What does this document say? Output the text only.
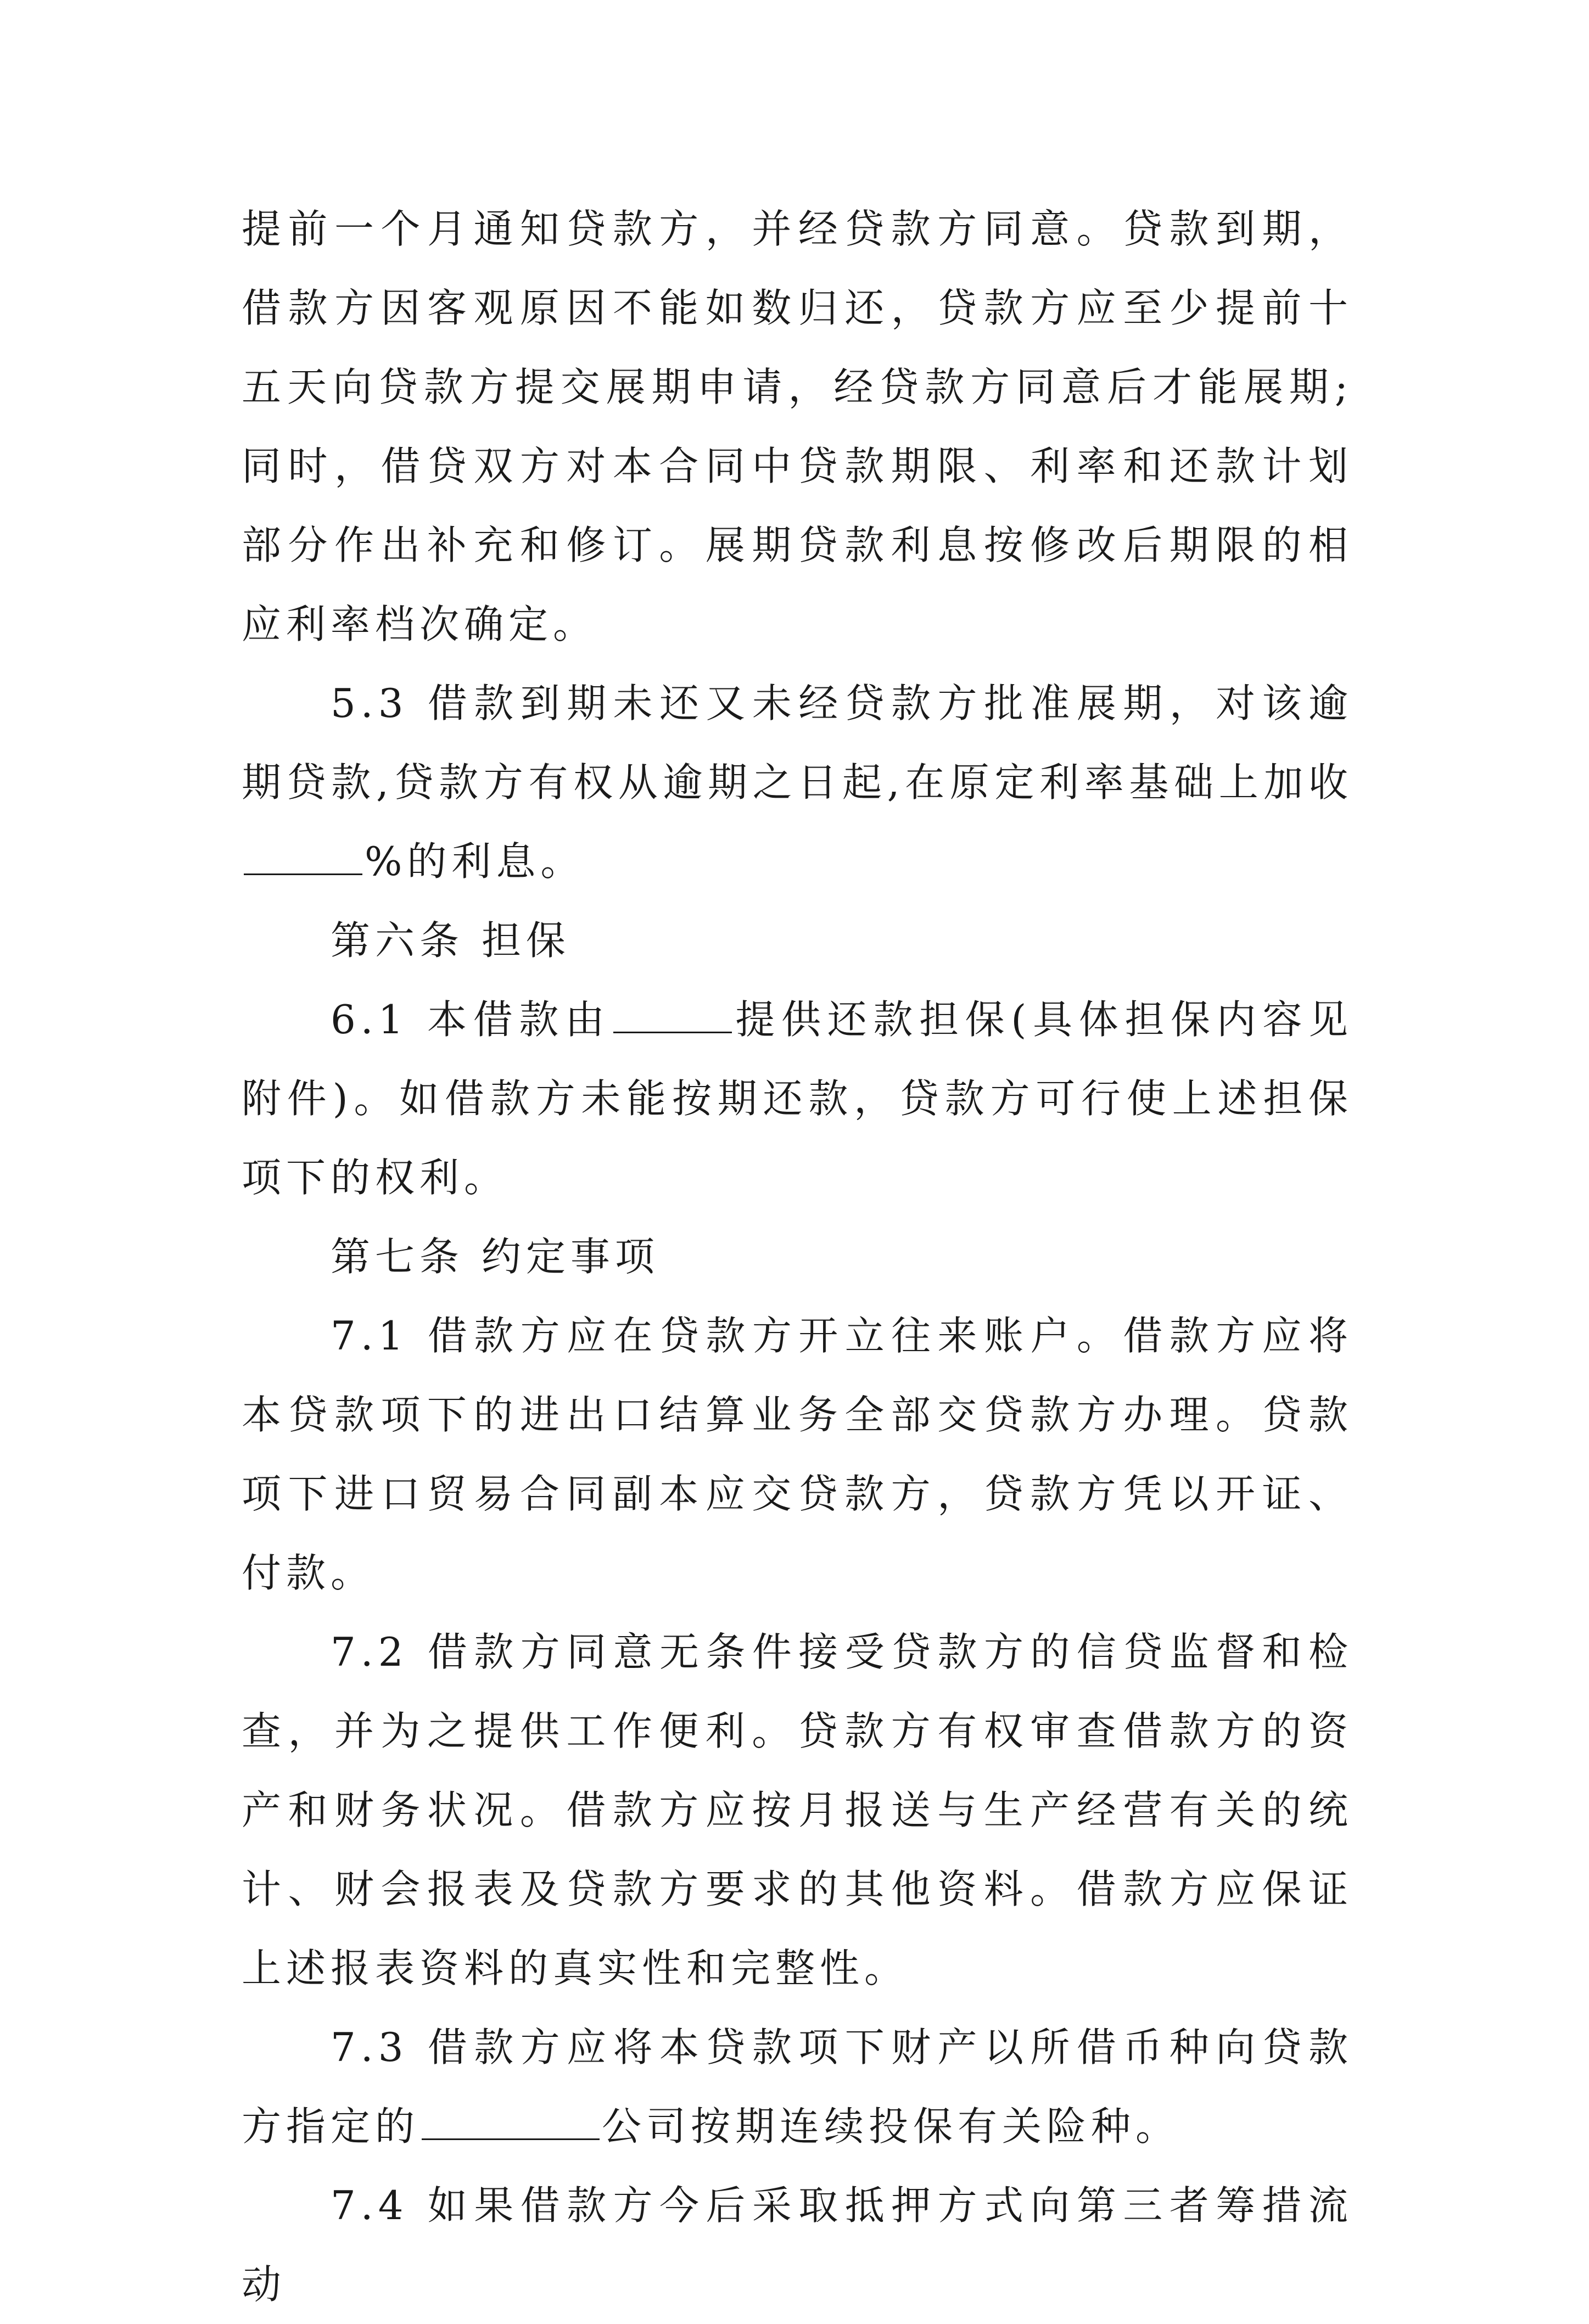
提前一个月通知贷款方，并经贷款方同意。贷款到期，借款方因客观原因不能如数归还，贷款方应至少提前十五天向贷款方提交展期申请，经贷款方同意后才能展期;同时，借贷双方对本合同中贷款期限、利率和还款计划部分作出补充和修订。展期贷款利息按修改后期限的相应利率档次确定。

5.3 借款到期未还又未经贷款方批准展期，对该逾期贷款,贷款方有权从逾期之日起,在原定利率基础上加收%的利息。

第六条 担保

6.1 本借款由	提供还款担保(具体担保内容见附件)。如借款方未能按期还款，贷款方可行使上述担保项下的权利。

第七条 约定事项

7.1 借款方应在贷款方开立往来账户。借款方应将本贷款项下的进出口结算业务全部交贷款方办理。贷款项下进口贸易合同副本应交贷款方，贷款方凭以开证、付款。

7.2 借款方同意无条件接受贷款方的信贷监督和检查，并为之提供工作便利。贷款方有权审查借款方的资产和财务状况。借款方应按月报送与生产经营有关的统计、财会报表及贷款方要求的其他资料。借款方应保证上述报表资料的真实性和完整性。

7.3 借款方应将本贷款项下财产以所借币种向贷款方指定的	公司按期连续投保有关险种。

7.4 如果借款方今后采取抵押方式向第三者筹措流动
